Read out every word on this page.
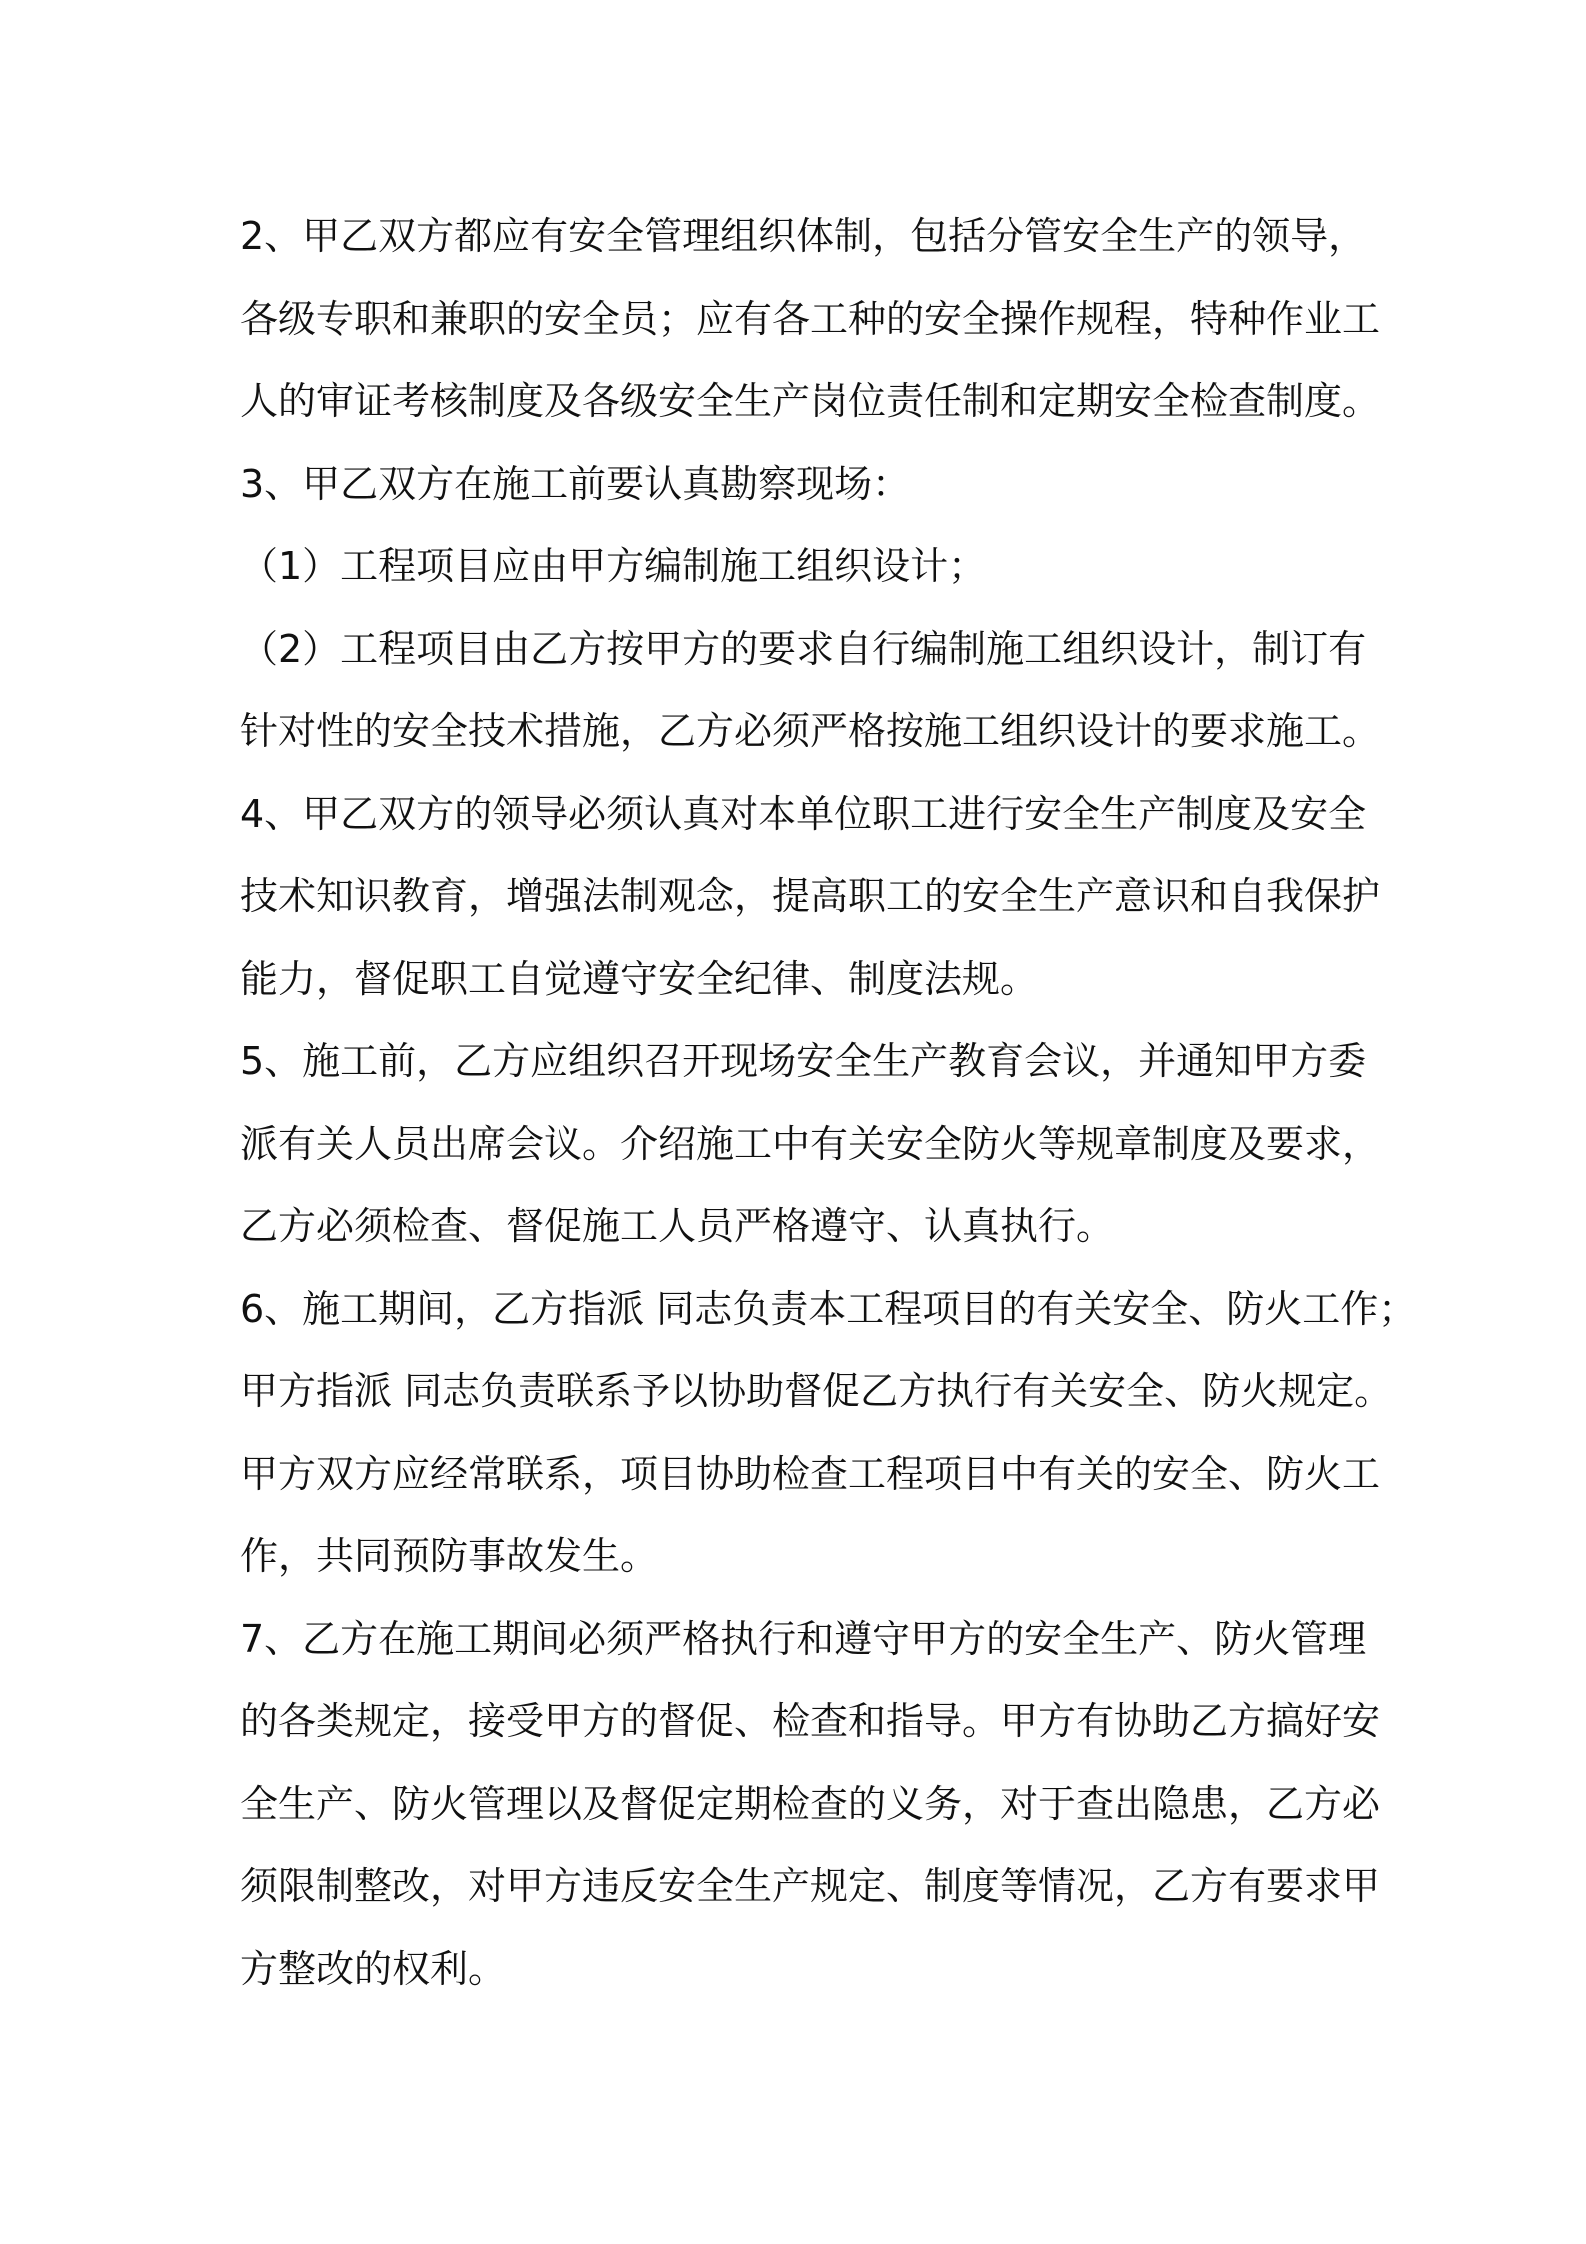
2、甲乙双方都应有安全管理组织体制，包括分管安全生产的领导，
各级专职和兼职的安全员；应有各工种的安全操作规程，特种作业工
人的审证考核制度及各级安全生产岗位责任制和定期安全检查制度。
3、甲乙双方在施工前要认真勘察现场：
（1）工程项目应由甲方编制施工组织设计；
（2）工程项目由乙方按甲方的要求自行编制施工组织设计，制订有
针对性的安全技术措施，乙方必须严格按施工组织设计的要求施工。
4、甲乙双方的领导必须认真对本单位职工进行安全生产制度及安全
技术知识教育，增强法制观念，提高职工的安全生产意识和自我保护
能力，督促职工自觉遵守安全纪律、制度法规。
5、施工前，乙方应组织召开现场安全生产教育会议，并通知甲方委
派有关人员出席会议。介绍施工中有关安全防火等规章制度及要求，
乙方必须检查、督促施工人员严格遵守、认真执行。
6、施工期间，乙方指派 同志负责本工程项目的有关安全、防火工作；
甲方指派 同志负责联系予以协助督促乙方执行有关安全、防火规定。
甲方双方应经常联系，项目协助检查工程项目中有关的安全、防火工
作，共同预防事故发生。
7、乙方在施工期间必须严格执行和遵守甲方的安全生产、防火管理
的各类规定，接受甲方的督促、检查和指导。甲方有协助乙方搞好安
全生产、防火管理以及督促定期检查的义务，对于查出隐患，乙方必
须限制整改，对甲方违反安全生产规定、制度等情况，乙方有要求甲
方整改的权利。
